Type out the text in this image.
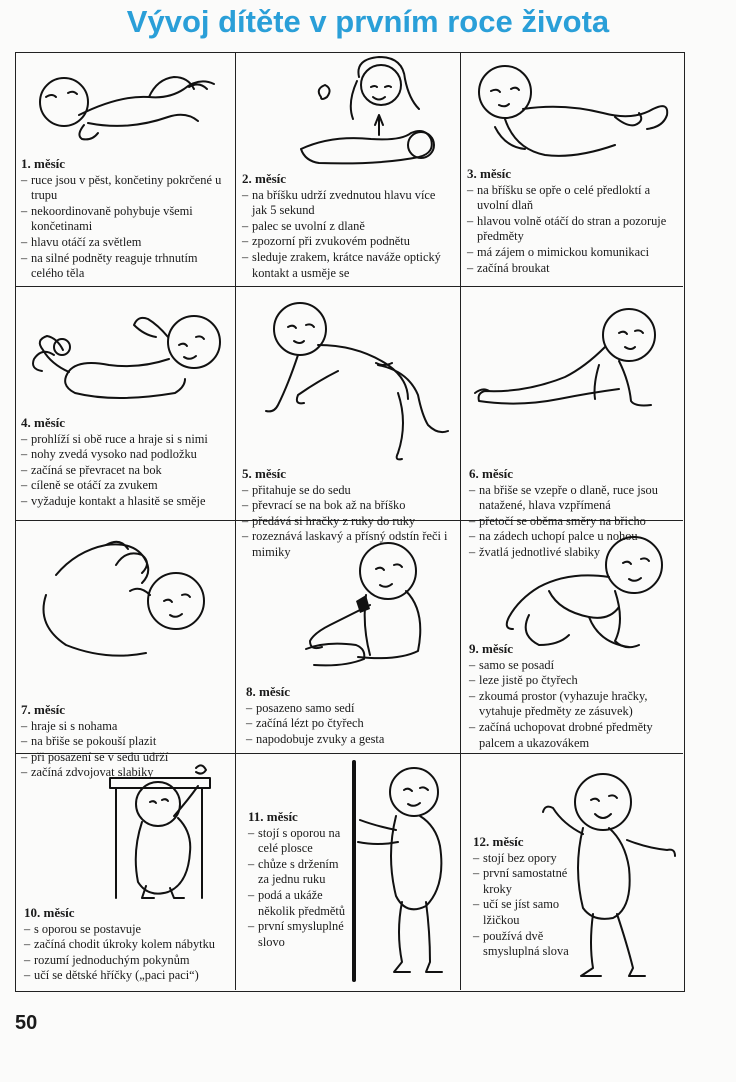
Vývoj dítěte v prvním roce života
1. měsíc
– ruce jsou v pěst, končetiny pokrčené u trupu
– nekoordinovaně pohybuje všemi končetinami
– hlavu otáčí za světlem
– na silné podněty reaguje trhnutím celého těla
2. měsíc
– na bříšku udrží zvednutou hlavu více jak 5 sekund
– palec se uvolní z dlaně
– zpozorní při zvukovém podnětu
– sleduje zrakem, krátce naváže optický kontakt a usměje se
3. měsíc
– na bříšku se opře o celé předloktí a uvolní dlaň
– hlavou volně otáčí do stran a pozoruje předměty
– má zájem o mimickou komunikaci
– začíná broukat
4. měsíc
– prohlíží si obě ruce a hraje si s nimi
– nohy zvedá vysoko nad podložku
– začíná se převracet na bok
– cíleně se otáčí za zvukem
– vyžaduje kontakt a hlasitě se směje
5. měsíc
– přitahuje se do sedu
– převrací se na bok až na bříško
– předává si hračky z ruky do ruky
– rozeznává laskavý a přísný odstín řeči i mimiky
6. měsíc
– na břiše se vzepře o dlaně, ruce jsou natažené, hlava vzpřímená
– přetočí se oběma směry na břicho
– na zádech uchopí palce u nohou
– žvatlá jednotlivé slabiky
7. měsíc
– hraje si s nohama
– na břiše se pokouší plazit
– při posazení se v sedu udrží
– začíná zdvojovat slabiky
8. měsíc
– posazeno samo sedí
– začíná lézt po čtyřech
– napodobuje zvuky a gesta
9. měsíc
– samo se posadí
– leze jistě po čtyřech
– zkoumá prostor (vyhazuje hračky, vytahuje předměty ze zásuvek)
– začíná uchopovat drobné předměty palcem a ukazovákem
10. měsíc
– s oporou se postavuje
– začíná chodit úkroky kolem nábytku
– rozumí jednoduchým pokynům
– učí se dětské hříčky („paci paci“)
11. měsíc
– stojí s oporou na celé plosce
– chůze s držením za jednu ruku
– podá a ukáže několik předmětů
– první smysluplné slovo
12. měsíc
– stojí bez opory
– první samostatné kroky
– učí se jíst samo lžičkou
– používá dvě smysluplná slova
50
